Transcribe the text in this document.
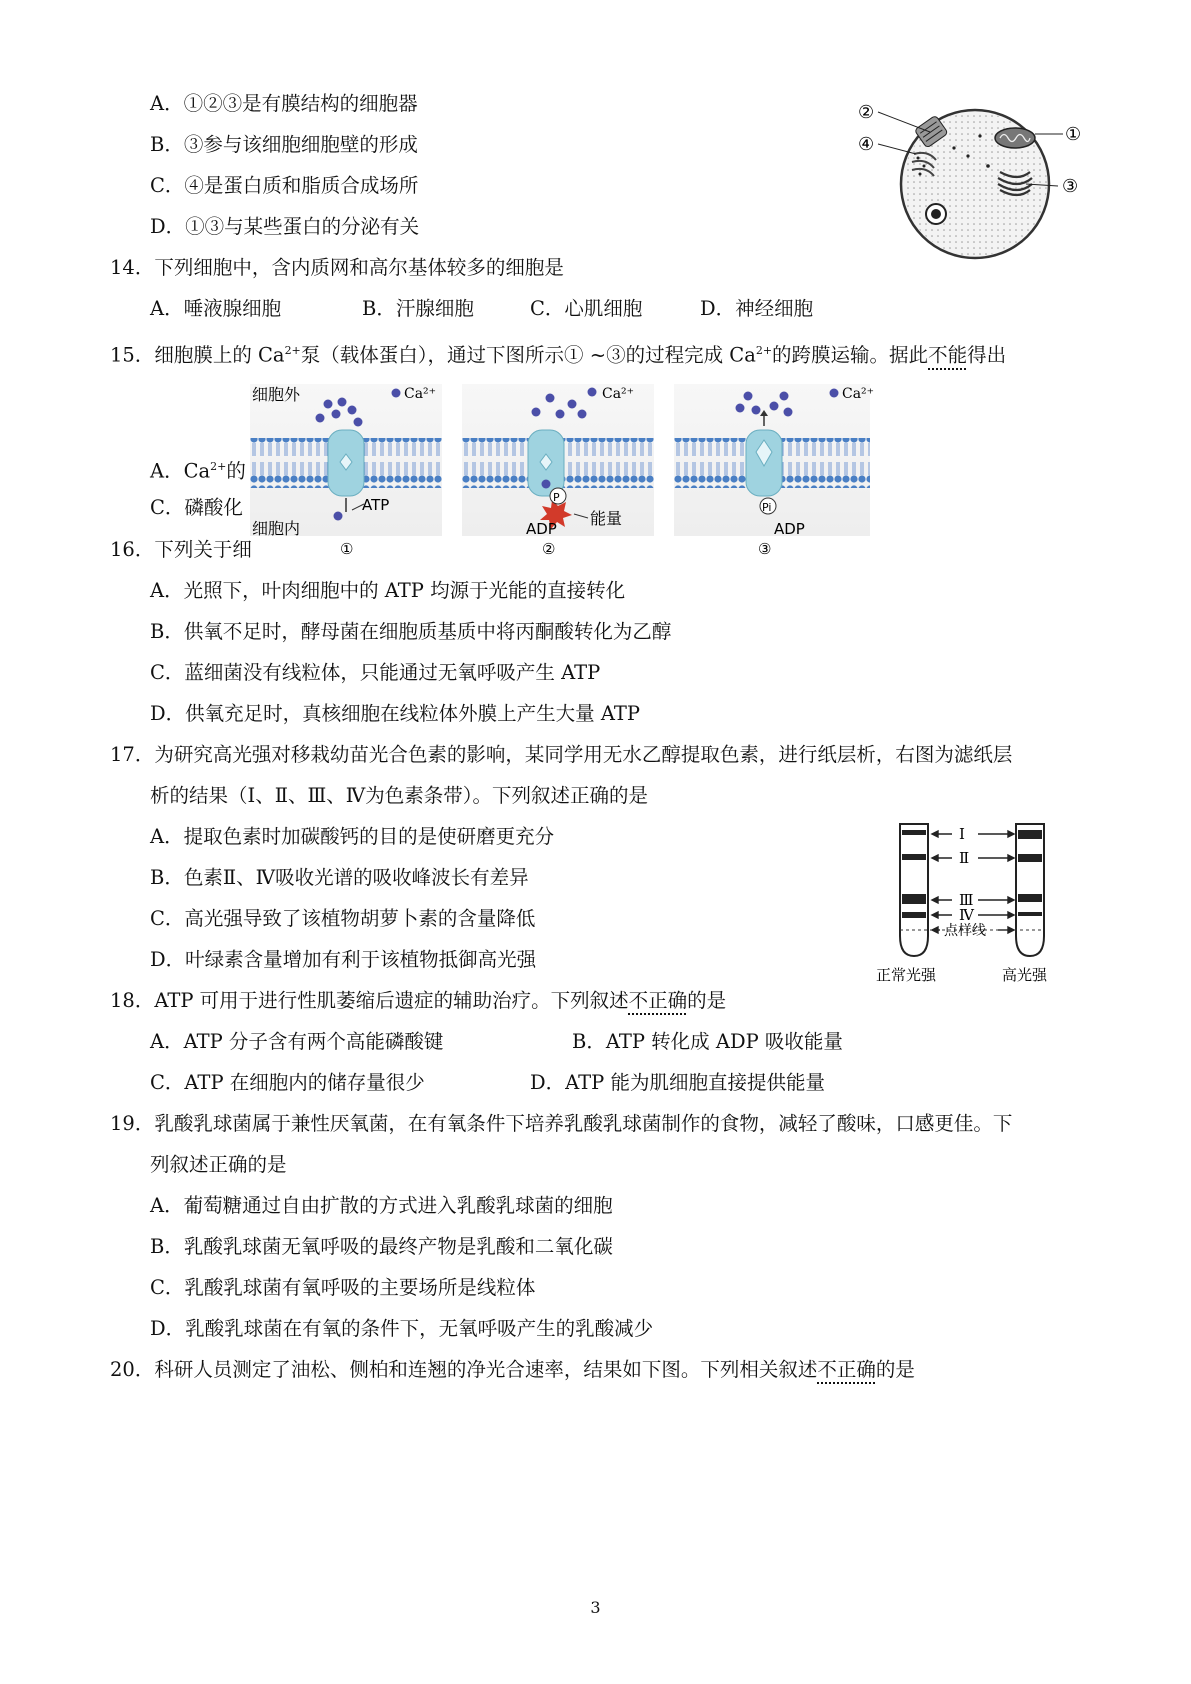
A．①②③是有膜结构的细胞器
B．③参与该细胞细胞壁的形成
C．④是蛋白质和脂质合成场所
D．①③与某些蛋白的分泌有关
②
④	①
③
14．下列细胞中，含内质网和高尔基体较多的细胞是
A．唾液腺细胞	B．汗腺细胞	C．心肌细胞	D．神经细胞
15．细胞膜上的 $Ca^{2+}$泵（载体蛋白），通过下图所示① ~③的过程完成 $Ca^{2+}$的跨膜运输。据此不能得出
A．$Ca^{2+}$的
C．磷酸化
细胞外	Ca²⁺
细胞内
ATP
①
P
Ca²⁺
ADP
能量
②
Pi
Ca²⁺
ADP
③
16．下列关于细
A．光照下，叶肉细胞中的 ATP 均源于光能的直接转化
B．供氧不足时，酵母菌在细胞质基质中将丙酮酸转化为乙醇
C．蓝细菌没有线粒体，只能通过无氧呼吸产生 ATP
D．供氧充足时，真核细胞在线粒体外膜上产生大量 ATP
17．为研究高光强对移栽幼苗光合色素的影响，某同学用无水乙醇提取色素，进行纸层析，右图为滤纸层
析的结果（Ⅰ、Ⅱ、Ⅲ、Ⅳ为色素条带）。下列叙述正确的是
A．提取色素时加碳酸钙的目的是使研磨更充分
B．色素Ⅱ、Ⅳ吸收光谱的吸收峰波长有差异
C．高光强导致了该植物胡萝卜素的含量降低
D．叶绿素含量增加有利于该植物抵御高光强
Ⅰ
Ⅱ
Ⅲ
Ⅳ
点样线
正常光强	高光强
18．ATP 可用于进行性肌萎缩后遗症的辅助治疗。下列叙述不正确的是
A．ATP 分子含有两个高能磷酸键	B．ATP 转化成 ADP 吸收能量
C．ATP 在细胞内的储存量很少	D．ATP 能为肌细胞直接提供能量
19．乳酸乳球菌属于兼性厌氧菌，在有氧条件下培养乳酸乳球菌制作的食物，减轻了酸味，口感更佳。下
列叙述正确的是
A．葡萄糖通过自由扩散的方式进入乳酸乳球菌的细胞
B．乳酸乳球菌无氧呼吸的最终产物是乳酸和二氧化碳
C．乳酸乳球菌有氧呼吸的主要场所是线粒体
D．乳酸乳球菌在有氧的条件下，无氧呼吸产生的乳酸减少
20．科研人员测定了油松、侧柏和连翘的净光合速率，结果如下图。下列相关叙述不正确的是
3
